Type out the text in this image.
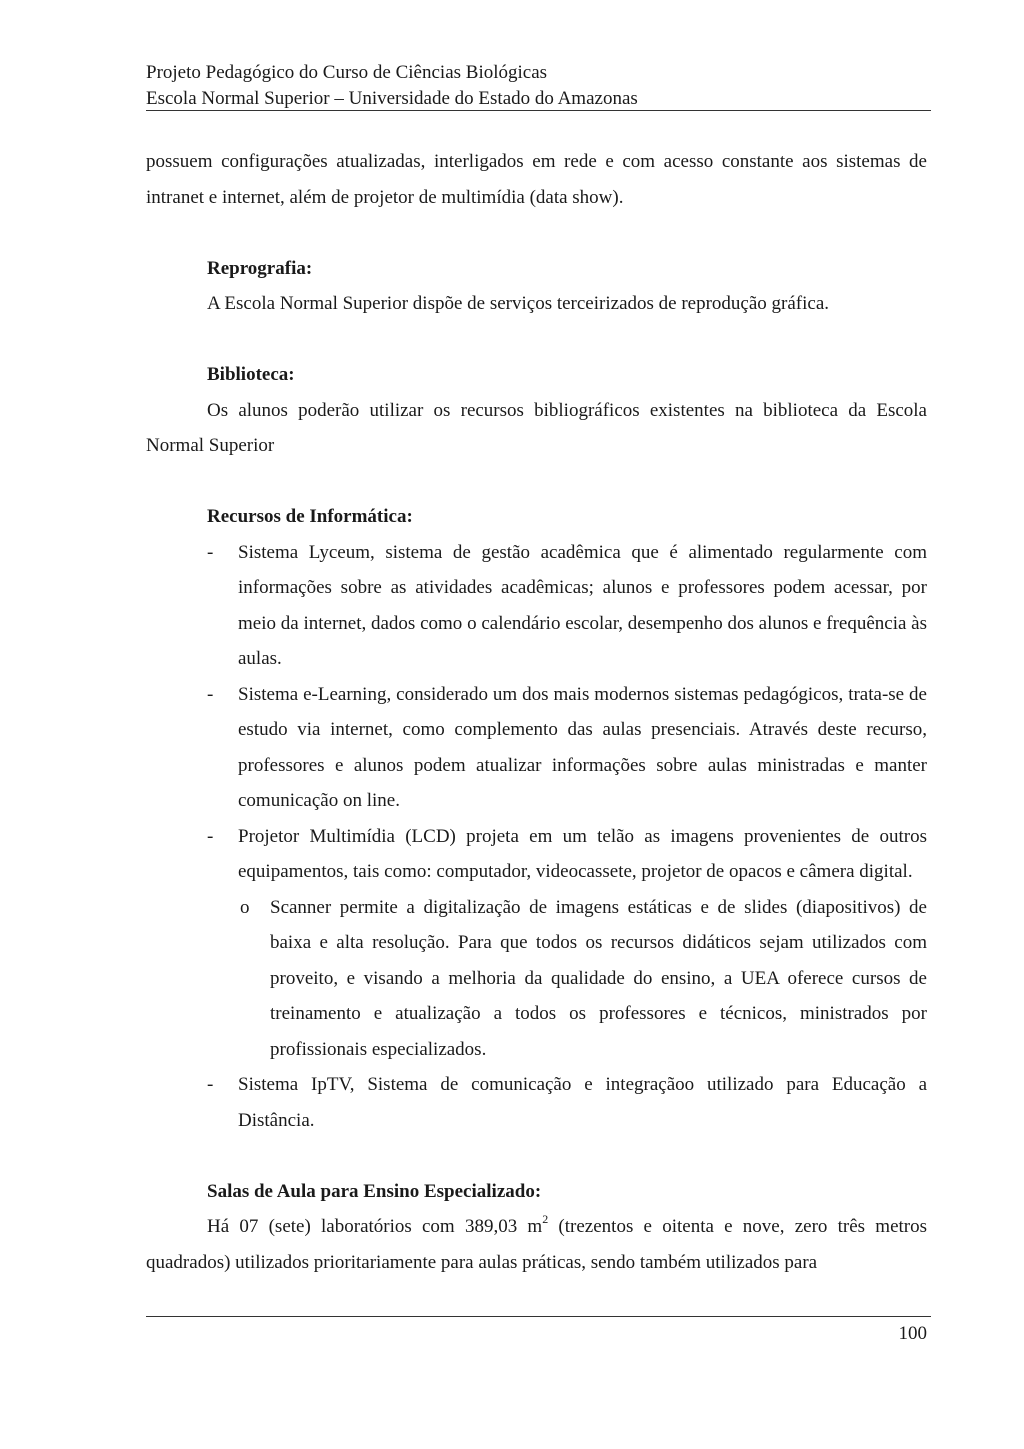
Projeto Pedagógico do Curso de Ciências Biológicas
Escola Normal Superior – Universidade do Estado do Amazonas

possuem configurações atualizadas, interligados em rede e com acesso constante aos sistemas de intranet e internet, além de projetor de multimídia (data show).

Reprografia:

A Escola Normal Superior dispõe de serviços terceirizados de reprodução gráfica.

Biblioteca:

Os alunos poderão utilizar os recursos bibliográficos existentes na biblioteca da Escola Normal Superior

Recursos de Informática:

- Sistema Lyceum, sistema de gestão acadêmica que é alimentado regularmente com informações sobre as atividades acadêmicas; alunos e professores podem acessar, por meio da internet, dados como o calendário escolar, desempenho dos alunos e frequência às aulas.
- Sistema e-Learning, considerado um dos mais modernos sistemas pedagógicos, trata-se de estudo via internet, como complemento das aulas presenciais. Através deste recurso, professores e alunos podem atualizar informações sobre aulas ministradas e manter comunicação on line.
- Projetor Multimídia (LCD) projeta em um telão as imagens provenientes de outros equipamentos, tais como: computador, videocassete, projetor de opacos e câmera digital.
o Scanner permite a digitalização de imagens estáticas e de slides (diapositivos) de baixa e alta resolução. Para que todos os recursos didáticos sejam utilizados com proveito, e visando a melhoria da qualidade do ensino, a UEA oferece cursos de treinamento e atualização a todos os professores e técnicos, ministrados por profissionais especializados.
- Sistema IpTV, Sistema de comunicação e integraçãoo utilizado para Educação a Distância.

Salas de Aula para Ensino Especializado:

Há 07 (sete) laboratórios com 389,03 $m^2$ (trezentos e oitenta e nove, zero três metros quadrados) utilizados prioritariamente para aulas práticas, sendo também utilizados para

100
